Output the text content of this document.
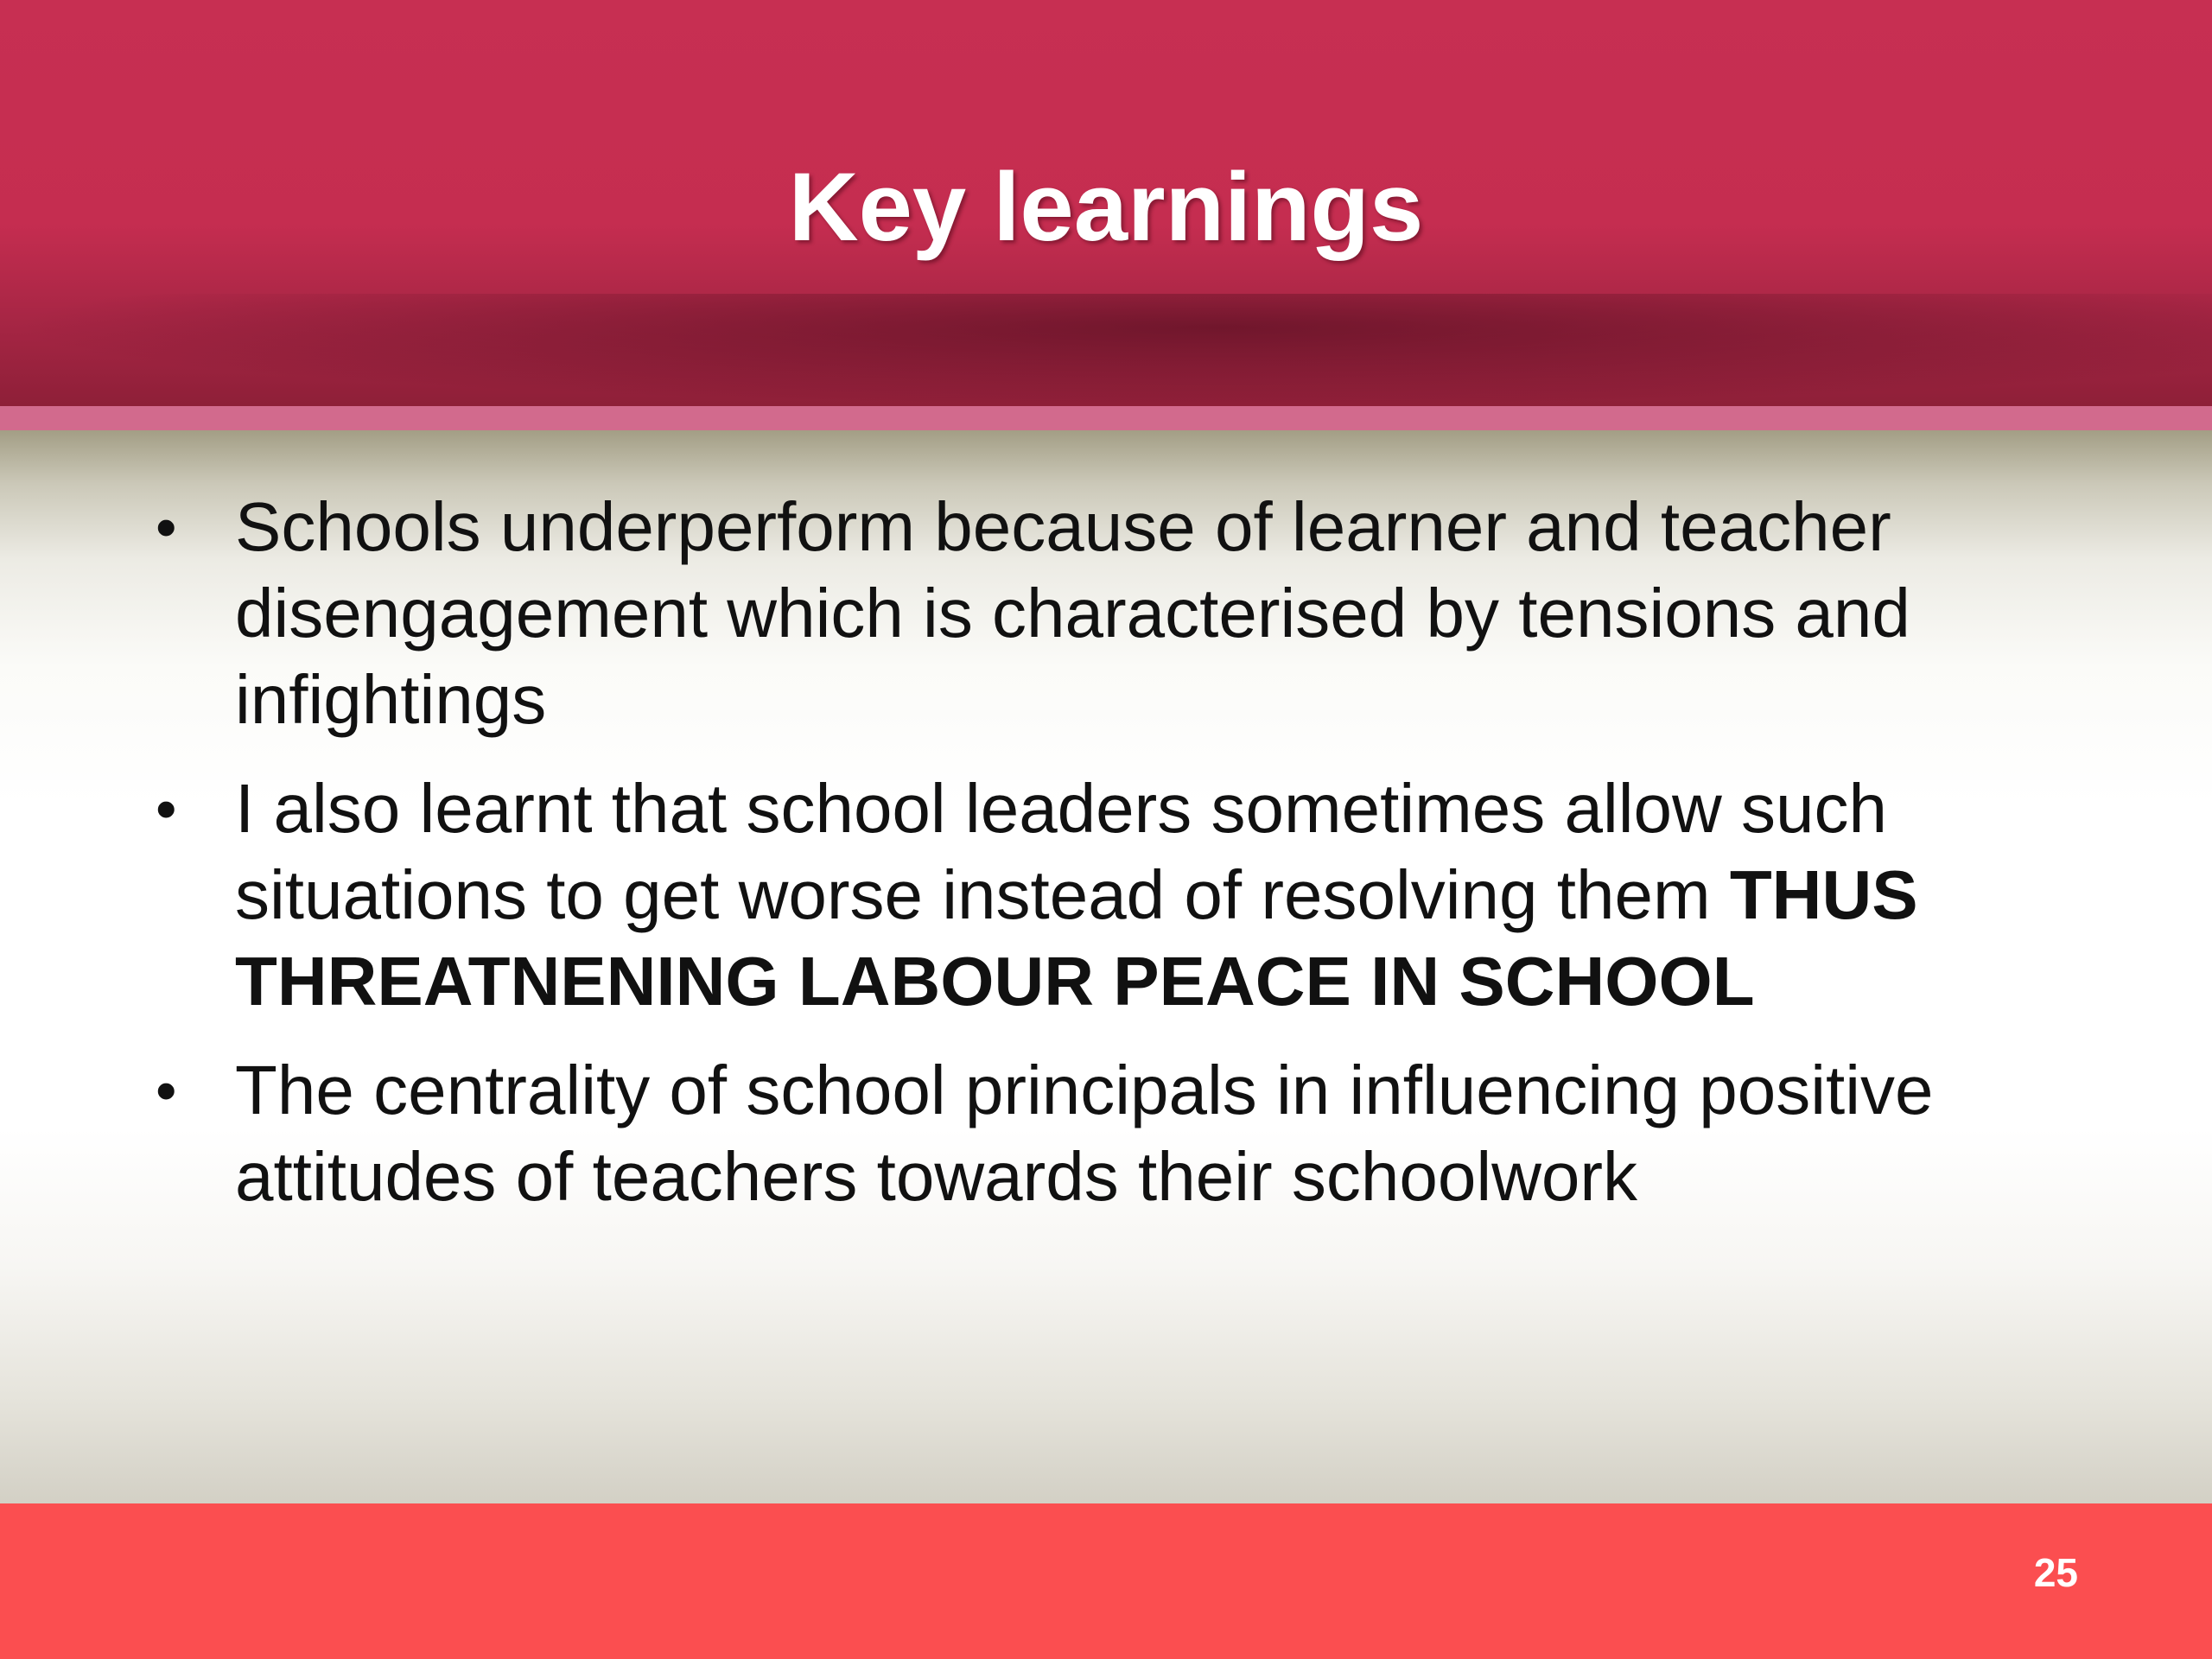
Key learnings
• Schools underperform because of learner and teacher disengagement which is characterised by tensions and infightings
• I also learnt that school leaders sometimes allow such situations to get worse instead of resolving them THUS THREATNENING LABOUR PEACE IN SCHOOL
• The centrality of school principals in influencing positive attitudes of teachers towards their schoolwork
25
